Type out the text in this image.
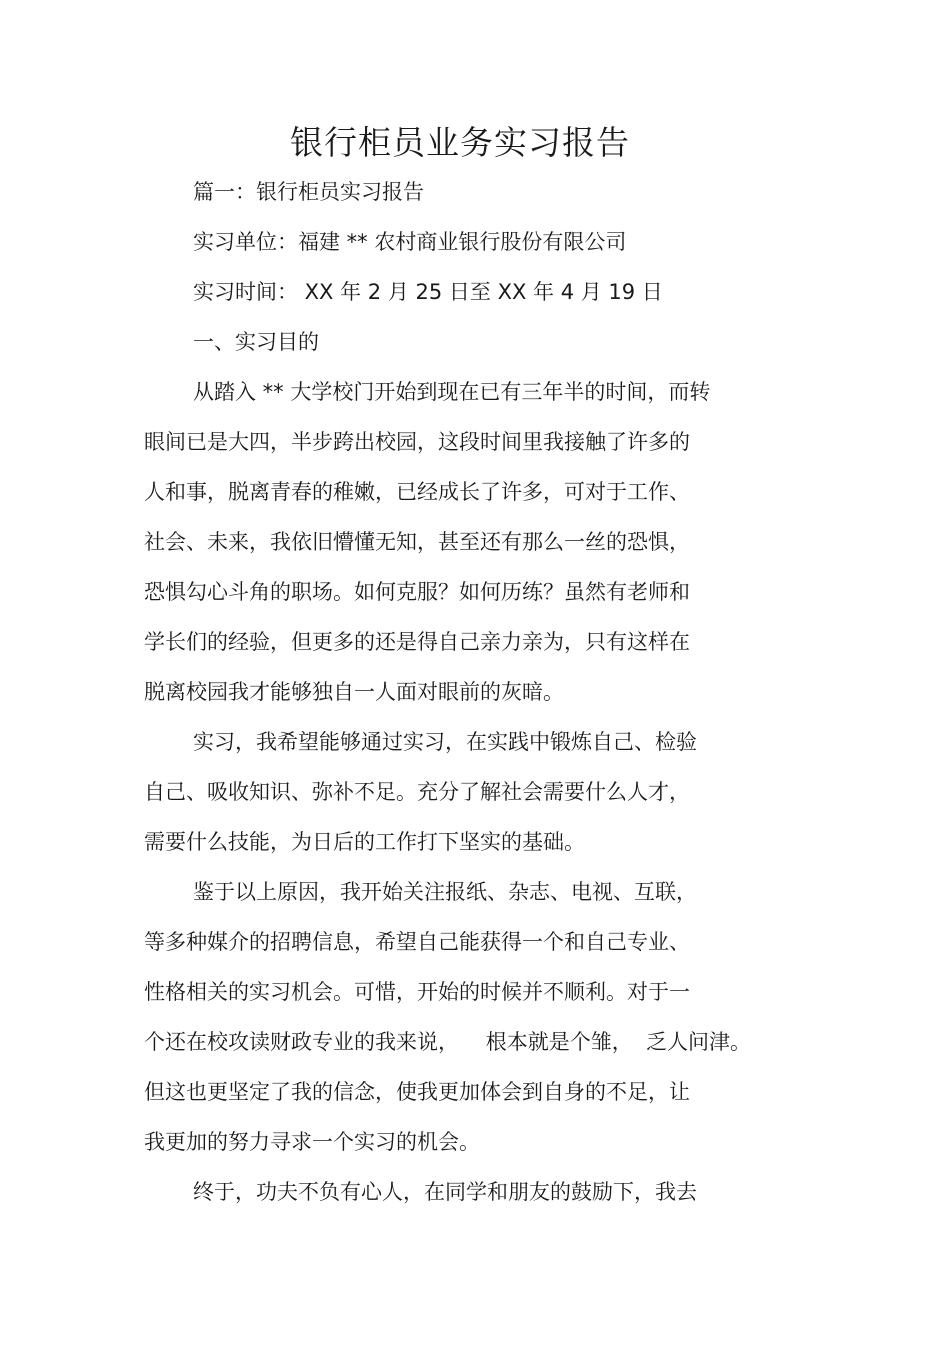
银行柜员业务实习报告
篇一：银行柜员实习报告
实习单位：福建 ** 农村商业银行股份有限公司
实习时间： XX 年 2 月 25 日至 XX 年 4 月 19 日
一、实习目的
从踏入 ** 大学校门开始到现在已有三年半的时间，而转
眼间已是大四，半步跨出校园，这段时间里我接触了许多的
人和事，脱离青春的稚嫩，已经成长了许多，可对于工作、
社会、未来，我依旧懵懂无知，甚至还有那么一丝的恐惧，
恐惧勾心斗角的职场。如何克服？如何历练？虽然有老师和
学长们的经验，但更多的还是得自己亲力亲为，只有这样在
脱离校园我才能够独自一人面对眼前的灰暗。
实习，我希望能够通过实习，在实践中锻炼自己、检验
自己、吸收知识、弥补不足。充分了解社会需要什么人才，
需要什么技能，为日后的工作打下坚实的基础。
鉴于以上原因，我开始关注报纸、杂志、电视、互联，
等多种媒介的招聘信息，希望自己能获得一个和自己专业、
性格相关的实习机会。可惜，开始的时候并不顺利。对于一
个还在校攻读财政专业的我来说，    根本就是个雏，  乏人问津。
但这也更坚定了我的信念，使我更加体会到自身的不足，让
我更加的努力寻求一个实习的机会。
终于，功夫不负有心人，在同学和朋友的鼓励下，我去
